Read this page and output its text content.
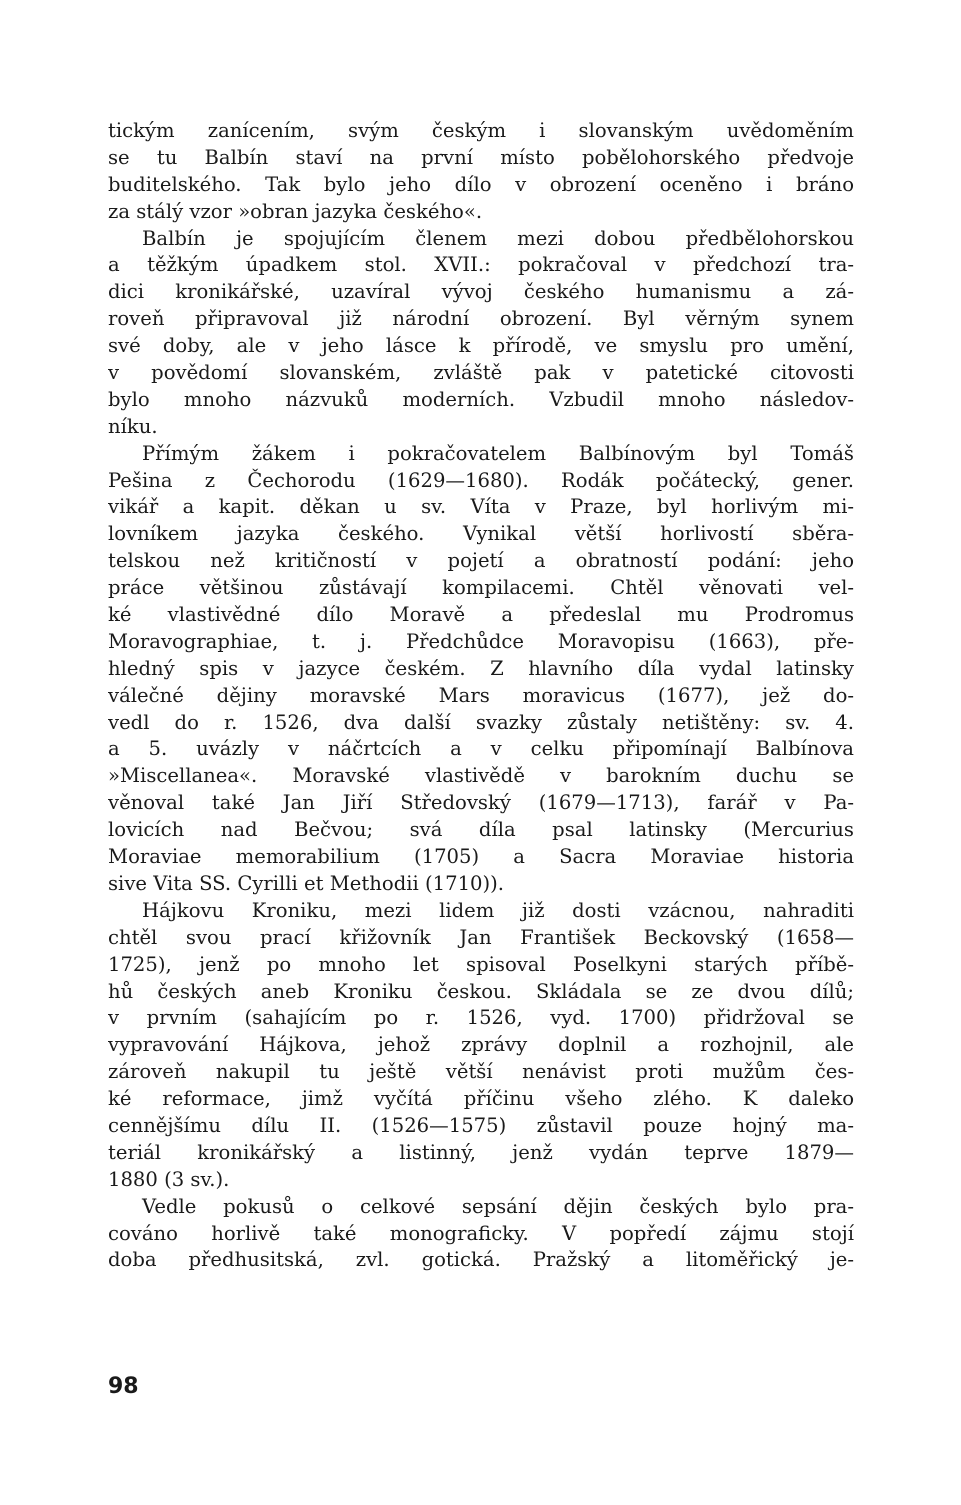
tickým zanícením, svým českým i slovanským uvědoměním
se tu Balbín staví na první místo pobělohorského předvoje
buditelského. Tak bylo jeho dílo v obrození oceněno i bráno
za stálý vzor »obran jazyka českého«.
Balbín je spojujícím členem mezi dobou předbělohorskou
a těžkým úpadkem stol. XVII.: pokračoval v předchozí tra-
dici kronikářské, uzavíral vývoj českého humanismu a zá-
roveň připravoval již národní obrození. Byl věrným synem
své doby, ale v jeho lásce k přírodě, ve smyslu pro umění,
v povědomí slovanském, zvláště pak v patetické citovosti
bylo mnoho názvuků moderních. Vzbudil mnoho následov-
níku.
Přímým žákem i pokračovatelem Balbínovým byl Tomáš
Pešina z Čechorodu (1629—1680). Rodák počátecký, gener.
vikář a kapit. děkan u sv. Víta v Praze, byl horlivým mi-
lovníkem jazyka českého. Vynikal větší horlivostí sběra-
telskou než kritičností v pojetí a obratností podání: jeho
práce většinou zůstávají kompilacemi. Chtěl věnovati vel-
ké vlastivědné dílo Moravě a předeslal mu Prodromus
Moravographiae, t. j. Předchůdce Moravopisu (1663), pře-
hledný spis v jazyce českém. Z hlavního díla vydal latinsky
válečné dějiny moravské Mars moravicus (1677), jež do-
vedl do r. 1526, dva další svazky zůstaly netištěny: sv. 4.
a 5. uvázly v náčrtcích a v celku připomínají Balbínova
»Miscellanea«. Moravské vlastivědě v barokním duchu se
věnoval také Jan Jiří Středovský (1679—1713), farář v Pa-
lovicích nad Bečvou; svá díla psal latinsky (Mercurius
Moraviae memorabilium (1705) a Sacra Moraviae historia
sive Vita SS. Cyrilli et Methodii (1710)).
Hájkovu Kroniku, mezi lidem již dosti vzácnou, nahraditi
chtěl svou prací křižovník Jan František Beckovský (1658—
1725), jenž po mnoho let spisoval Poselkyni starých příbě-
hů českých aneb Kroniku českou. Skládala se ze dvou dílů;
v prvním (sahajícím po r. 1526, vyd. 1700) přidržoval se
vypravování Hájkova, jehož zprávy doplnil a rozhojnil, ale
zároveň nakupil tu ještě větší nenávist proti mužům čes-
ké reformace, jimž vyčítá příčinu všeho zlého. K daleko
cennějšímu dílu II. (1526—1575) zůstavil pouze hojný ma-
teriál kronikářský a listinný, jenž vydán teprve 1879—
1880 (3 sv.).
Vedle pokusů o celkové sepsání dějin českých bylo pra-
cováno horlivě také monograficky. V popředí zájmu stojí
doba předhusitská, zvl. gotická. Pražský a litoměřický je-
98
